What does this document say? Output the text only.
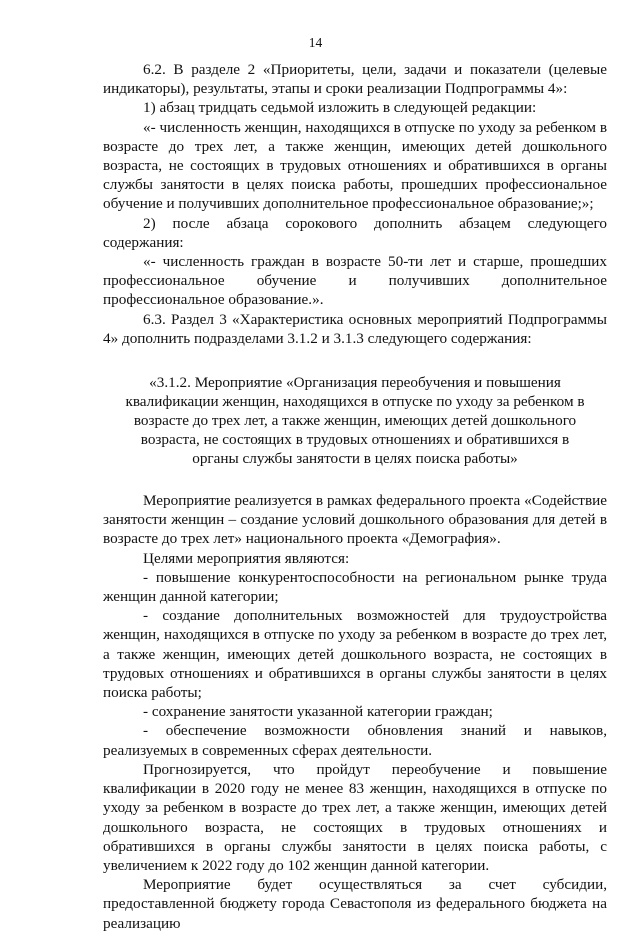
14

6.2. В разделе 2 «Приоритеты, цели, задачи и показатели (целевые индикаторы), результаты, этапы и сроки реализации Подпрограммы 4»:

1) абзац тридцать седьмой изложить в следующей редакции:

«- численность женщин, находящихся в отпуске по уходу за ребенком в возрасте до трех лет, а также женщин, имеющих детей дошкольного возраста, не состоящих в трудовых отношениях и обратившихся в органы службы занятости в целях поиска работы, прошедших профессиональное обучение и получивших дополнительное профессиональное образование;»;

2) после абзаца сорокового дополнить абзацем следующего содержания:

«- численность граждан в возрасте 50-ти лет и старше, прошедших профессиональное обучение и получивших дополнительное профессиональное образование.».

6.3. Раздел 3 «Характеристика основных мероприятий Подпрограммы 4» дополнить подразделами 3.1.2 и 3.1.3 следующего содержания:

«3.1.2. Мероприятие «Организация переобучения и повышения квалификации женщин, находящихся в отпуске по уходу за ребенком в возрасте до трех лет, а также женщин, имеющих детей дошкольного возраста, не состоящих в трудовых отношениях и обратившихся в органы службы занятости в целях поиска работы»

Мероприятие реализуется в рамках федерального проекта «Содействие занятости женщин – создание условий дошкольного образования для детей в возрасте до трех лет» национального проекта «Демография».

Целями мероприятия являются:

- повышение конкурентоспособности на региональном рынке труда женщин данной категории;

- создание дополнительных возможностей для трудоустройства женщин, находящихся в отпуске по уходу за ребенком в возрасте до трех лет, а также женщин, имеющих детей дошкольного возраста, не состоящих в трудовых отношениях и обратившихся в органы службы занятости в целях поиска работы;

- сохранение занятости указанной категории граждан;

- обеспечение возможности обновления знаний и навыков, реализуемых в современных сферах деятельности.

Прогнозируется, что пройдут переобучение и повышение квалификации в 2020 году не менее 83 женщин, находящихся в отпуске по уходу за ребенком в возрасте до трех лет, а также женщин, имеющих детей дошкольного возраста, не состоящих в трудовых отношениях и обратившихся в органы службы занятости в целях поиска работы, с увеличением к 2022 году до 102 женщин данной категории.

Мероприятие будет осуществляться за счет субсидии, предоставленной бюджету города Севастополя из федерального бюджета на реализацию
